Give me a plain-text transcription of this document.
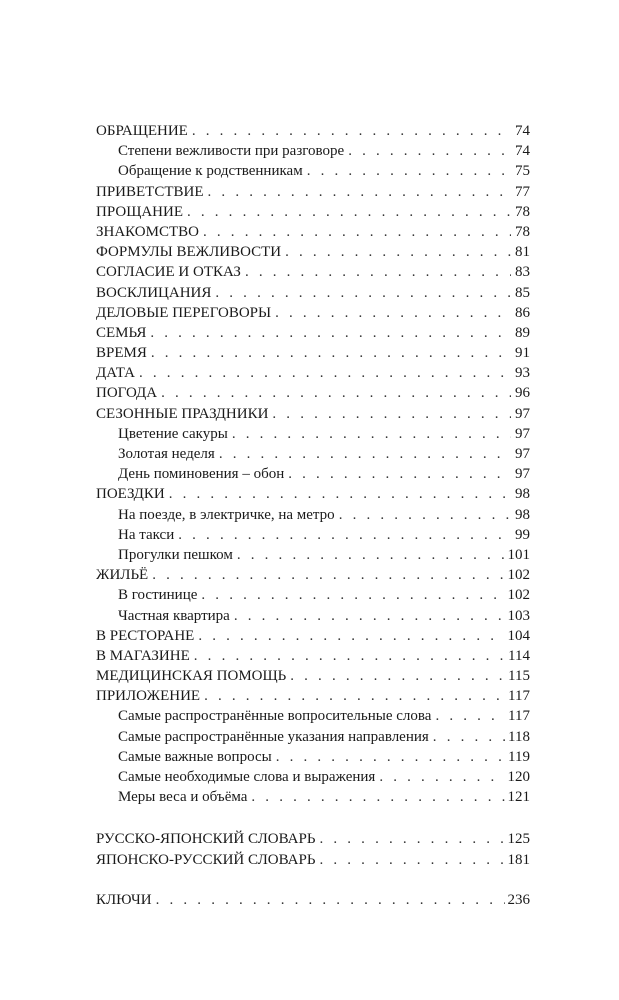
ОБРАЩЕНИЕ . . .	74
Степени вежливости при разговоре . . .	74
Обращение к родственникам . . .	75
ПРИВЕТСТВИЕ . . .	77
ПРОЩАНИЕ . . .	78
ЗНАКОМСТВО . . .	78
ФОРМУЛЫ ВЕЖЛИВОСТИ . . .	81
СОГЛАСИЕ И ОТКАЗ . . .	83
ВОСКЛИЦАНИЯ . . .	85
ДЕЛОВЫЕ ПЕРЕГОВОРЫ . . .	86
СЕМЬЯ . . .	89
ВРЕМЯ . . .	91
ДАТА . . .	93
ПОГОДА . . .	96
СЕЗОННЫЕ ПРАЗДНИКИ . . .	97
Цветение сакуры . . .	97
Золотая неделя . . .	97
День поминовения – обон . . .	97
ПОЕЗДКИ . . .	98
На поезде, в электричке, на метро . . .	98
На такси . . .	99
Прогулки пешком . . .	101
ЖИЛЬЁ . . .	102
В гостинице . . .	102
Частная квартира . . .	103
В РЕСТОРАНЕ . . .	104
В МАГАЗИНЕ . . .	114
МЕДИЦИНСКАЯ ПОМОЩЬ . . .	115
ПРИЛОЖЕНИЕ . . .	117
Самые распространённые вопросительные слова . . .	117
Самые распространённые указания направления . . .	118
Самые важные вопросы . . .	119
Самые необходимые слова и выражения . . .	120
Меры веса и объёма . . .	121
РУССКО-ЯПОНСКИЙ СЛОВАРЬ . . .	125
ЯПОНСКО-РУССКИЙ СЛОВАРЬ . . .	181
КЛЮЧИ . . .	236
